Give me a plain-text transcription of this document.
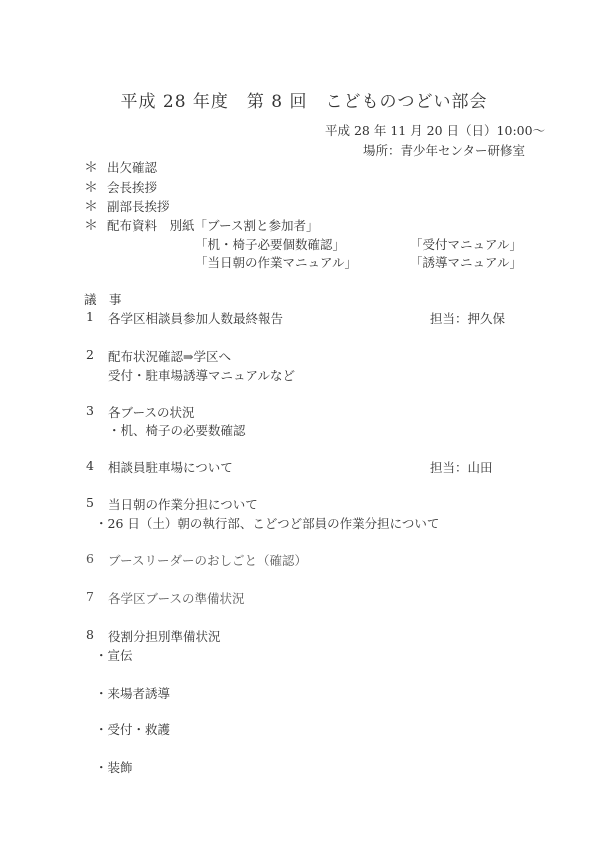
平成 28 年度　第 8 回　こどものつどい部会
平成 28 年 11 月 20 日（日）10:00～
場所：青少年センター研修室
＊ 出欠確認
＊ 会長挨拶
＊ 副部長挨拶
＊ 配布資料　別紙「ブース割と参加者」
「机・椅子必要個数確認」	「受付マニュアル」
「当日朝の作業マニュアル」	「誘導マニュアル」
議　事
1 各学区相談員参加人数最終報告	担当：押久保
2 配布状況確認⇒学区へ
受付・駐車場誘導マニュアルなど
3 各ブースの状況
・机、椅子の必要数確認
4 相談員駐車場について	担当：山田
5 当日朝の作業分担について
・26 日（土）朝の執行部、こどつど部員の作業分担について
6 ブースリーダーのおしごと（確認）
7 各学区ブースの準備状況
8 役割分担別準備状況
・宣伝
・来場者誘導
・受付・救護
・装飾
